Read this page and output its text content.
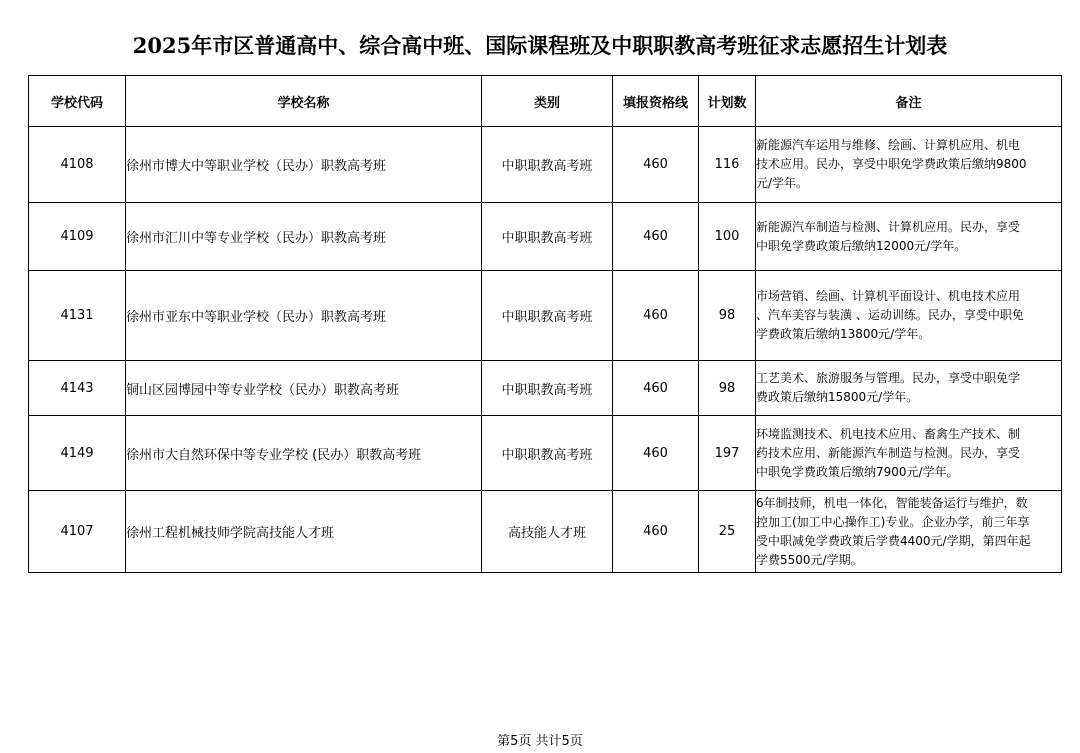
2025年市区普通高中、综合高中班、国际课程班及中职职教高考班征求志愿招生计划表
学校代码	学校名称	类别	填报资格线	计划数	备注
4108	徐州市博大中等职业学校（民办）职教高考班	中职职教高考班	460	116	新能源汽车运用与维修、绘画、计算机应用、机电
技术应用。民办，享受中职免学费政策后缴纳9800
元/学年。
4109	徐州市汇川中等专业学校（民办）职教高考班	中职职教高考班	460	100	新能源汽车制造与检测、计算机应用。民办，享受
中职免学费政策后缴纳12000元/学年。
4131	徐州市亚东中等职业学校（民办）职教高考班	中职职教高考班	460	98	市场营销、绘画、计算机平面设计、机电技术应用
、汽车美容与装潢 、运动训练。民办，享受中职免
学费政策后缴纳13800元/学年。
4143	铜山区园博园中等专业学校（民办）职教高考班	中职职教高考班	460	98	工艺美术、旅游服务与管理。民办，享受中职免学
费政策后缴纳15800元/学年。
4149	徐州市大自然环保中等专业学校 (民办）职教高考班	中职职教高考班	460	197	环境监测技术、机电技术应用、畜禽生产技术、制
药技术应用、新能源汽车制造与检测。民办，享受
中职免学费政策后缴纳7900元/学年。
4107	徐州工程机械技师学院高技能人才班	高技能人才班	460	25	6年制技师，机电一体化，智能装备运行与维护，数
控加工(加工中心操作工)专业。企业办学，前三年享
受中职减免学费政策后学费4400元/学期，第四年起
学费5500元/学期。
第5页 共计5页
